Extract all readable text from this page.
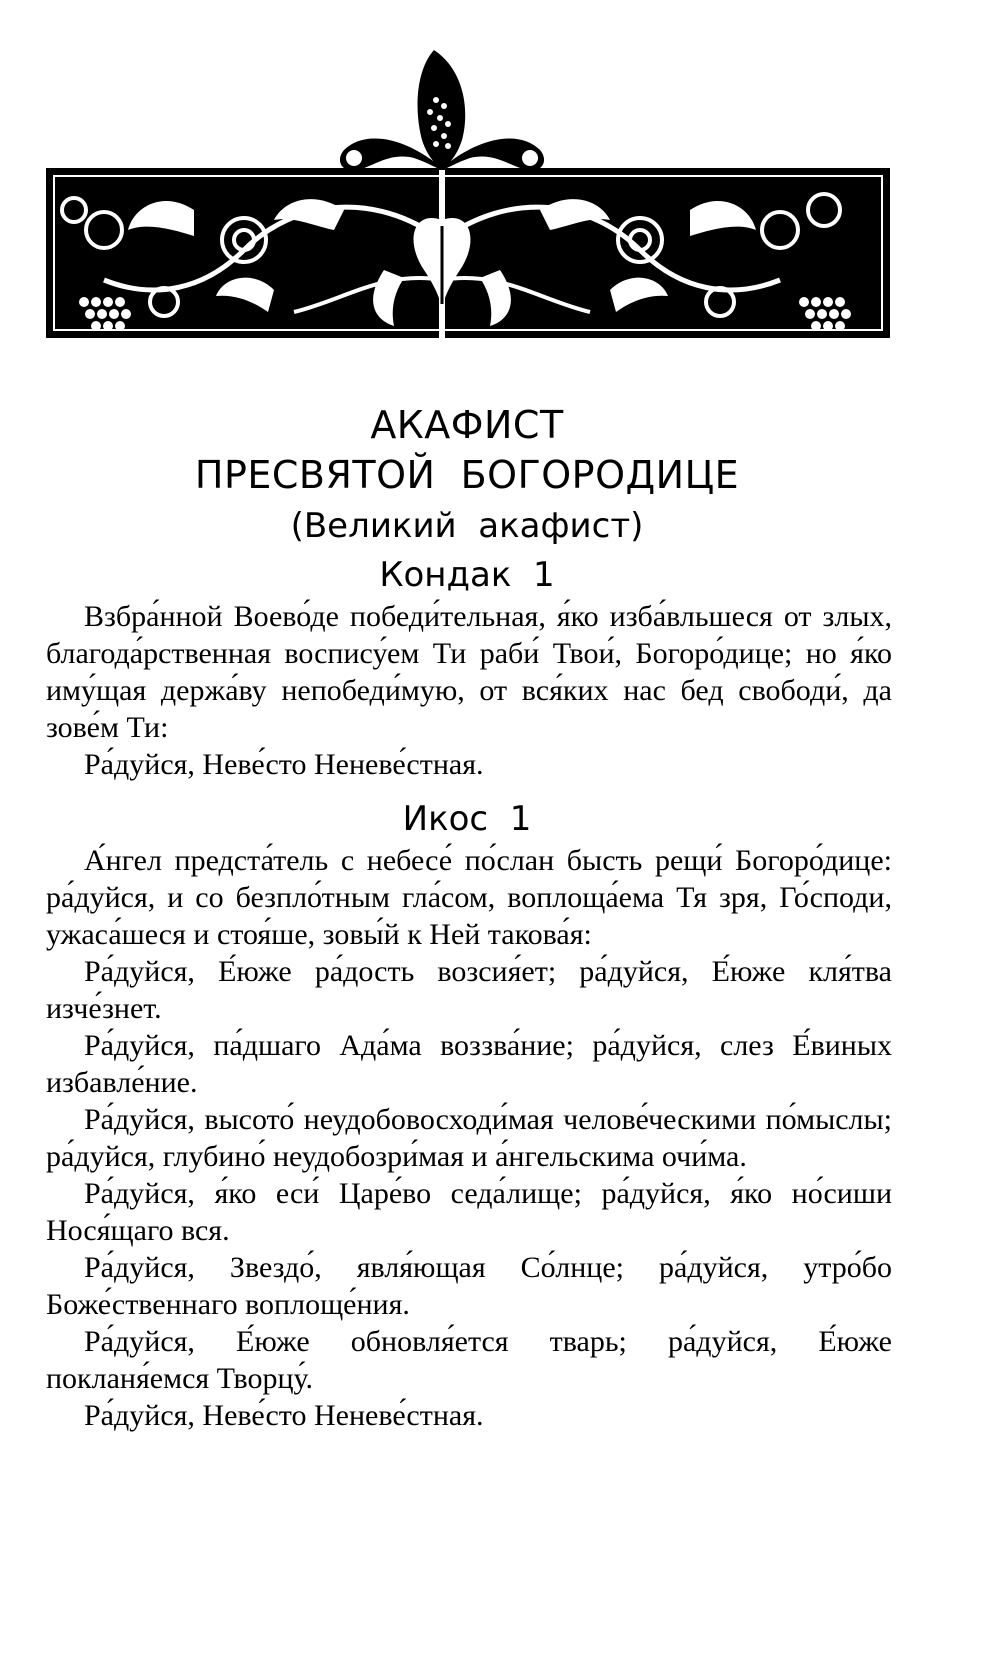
АКАФИСТ
ПРЕСВЯТОЙ  БОГОРОДИЦЕ
(Великий  акафист)
Кондак  1

Взбра́нной Воево́де победи́тельная, я́ко изба́вльшеся от злых, благода́рственная воспису́ем Ти раби́ Твои́, Богоро́дице; но я́ко иму́щая держа́ву непобеди́мую, от вся́ких нас бед свободи́, да зове́м Ти:

Ра́дуйся, Неве́сто Неневе́стная.

Икос  1

А́нгел предста́тель с небесе́ по́слан бысть рещи́ Богоро́дице: ра́дуйся, и со безпло́тным гла́сом, воплоща́ема Тя зря, Го́споди, ужаса́шеся и стоя́ше, зовы́й к Ней такова́я:

Ра́дуйся, Е́юже ра́дость возсия́ет; ра́дуйся, Е́юже кля́тва изче́знет.

Ра́дуйся, па́дшаго Ада́ма воззва́ние; ра́дуйся, слез Е́виных избавле́ние.

Ра́дуйся, высото́ неудобовосходи́мая челове́ческими по́мыслы; ра́дуйся, глубино́ неудобозри́мая и а́нгельскима очи́ма.

Ра́дуйся, я́ко еси́ Царе́во седа́лище; ра́дуйся, я́ко но́сиши Нося́щаго вся.

Ра́дуйся, Звездо́, явля́ющая Со́лнце; ра́дуйся, утро́бо Боже́ственнаго воплоще́ния.

Ра́дуйся, Е́юже обновля́ется тварь; ра́дуйся, Е́юже покланя́емся Творцу́.

Ра́дуйся, Неве́сто Неневе́стная.
